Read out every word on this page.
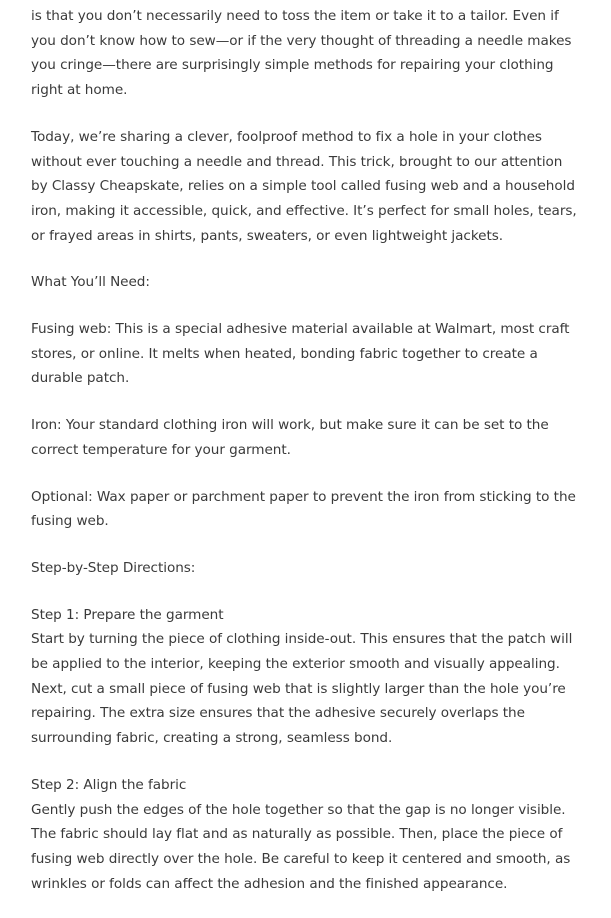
is that you don’t necessarily need to toss the item or take it to a tailor. Even if you don’t know how to sew—or if the very thought of threading a needle makes you cringe—there are surprisingly simple methods for repairing your clothing right at home.

Today, we’re sharing a clever, foolproof method to fix a hole in your clothes without ever touching a needle and thread. This trick, brought to our attention by Classy Cheapskate, relies on a simple tool called fusing web and a household iron, making it accessible, quick, and effective. It’s perfect for small holes, tears, or frayed areas in shirts, pants, sweaters, or even lightweight jackets.

What You’ll Need:

Fusing web: This is a special adhesive material available at Walmart, most craft stores, or online. It melts when heated, bonding fabric together to create a durable patch.

Iron: Your standard clothing iron will work, but make sure it can be set to the correct temperature for your garment.

Optional: Wax paper or parchment paper to prevent the iron from sticking to the fusing web.

Step-by-Step Directions:

Step 1: Prepare the garment
Start by turning the piece of clothing inside-out. This ensures that the patch will be applied to the interior, keeping the exterior smooth and visually appealing. Next, cut a small piece of fusing web that is slightly larger than the hole you’re repairing. The extra size ensures that the adhesive securely overlaps the surrounding fabric, creating a strong, seamless bond.

Step 2: Align the fabric
Gently push the edges of the hole together so that the gap is no longer visible. The fabric should lay flat and as naturally as possible. Then, place the piece of fusing web directly over the hole. Be careful to keep it centered and smooth, as wrinkles or folds can affect the adhesion and the finished appearance.
